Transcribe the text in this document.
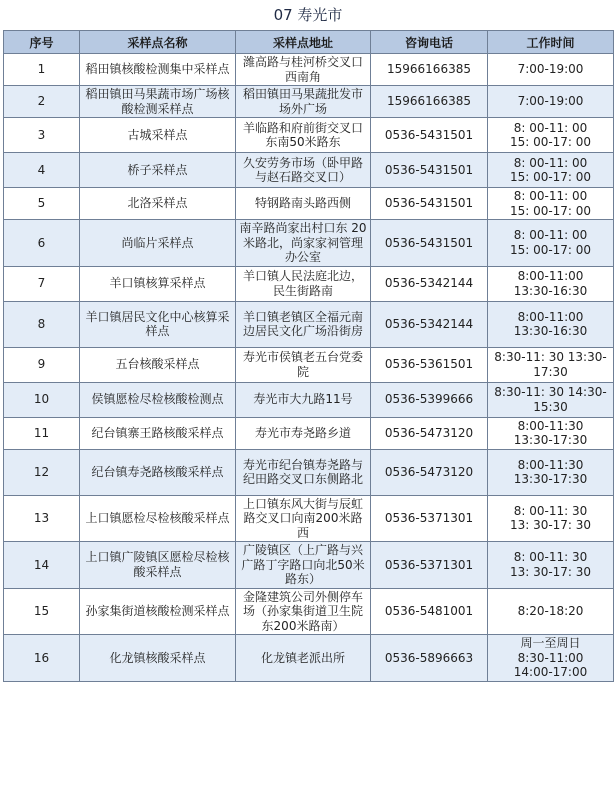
07 寿光市
序号	采样点名称	采样点地址	咨询电话	工作时间
1	稻田镇核酸检测集中采样点	潍高路与桂河桥交叉口西南角	15966166385	7:00-19:00
2	稻田镇田马果蔬市场广场核酸检测采样点	稻田镇田马果蔬批发市场外广场	15966166385	7:00-19:00
3	古城采样点	羊临路和府前街交叉口东南50米路东	0536-5431501	8: 00-11: 00
15: 00-17: 00
4	桥子采样点	久安劳务市场（卧甲路与赵石路交叉口）	0536-5431501	8: 00-11: 00
15: 00-17: 00
5	北洛采样点	特钢路南头路西侧	0536-5431501	8: 00-11: 00
15: 00-17: 00
6	尚临片采样点	南辛路尚家出村口东 20 米路北，尚家家祠管理办公室	0536-5431501	8: 00-11: 00
15: 00-17: 00
7	羊口镇核算采样点	羊口镇人民法庭北边，民生街路南	0536-5342144	8:00-11:00
13:30-16:30
8	羊口镇居民文化中心核算采样点	羊口镇老镇区全福元南边居民文化广场沿街房	0536-5342144	8:00-11:00
13:30-16:30
9	五台核酸采样点	寿光市侯镇老五台党委院	0536-5361501	8:30-11: 30 13:30-17:30
10	侯镇愿检尽检核酸检测点	寿光市大九路11号	0536-5399666	8:30-11: 30 14:30-15:30
11	纪台镇寨王路核酸采样点	寿光市寿尧路乡道	0536-5473120	8:00-11:30
13:30-17:30
12	纪台镇寿尧路核酸采样点	寿光市纪台镇寿尧路与纪田路交叉口东侧路北	0536-5473120	8:00-11:30
13:30-17:30
13	上口镇愿检尽检核酸采样点	上口镇东风大街与辰虹路交叉口向南200米路西	0536-5371301	8: 00-11: 30
13: 30-17: 30
14	上口镇广陵镇区愿检尽检核酸采样点	广陵镇区（上广路与兴广路丁字路口向北50米路东）	0536-5371301	8: 00-11: 30
13: 30-17: 30
15	孙家集街道核酸检测采样点	金隆建筑公司外侧停车场（孙家集街道卫生院东200米路南）	0536-5481001	8:20-18:20
16	化龙镇核酸采样点	化龙镇老派出所	0536-5896663	周一至周日
8:30-11:00
14:00-17:00
